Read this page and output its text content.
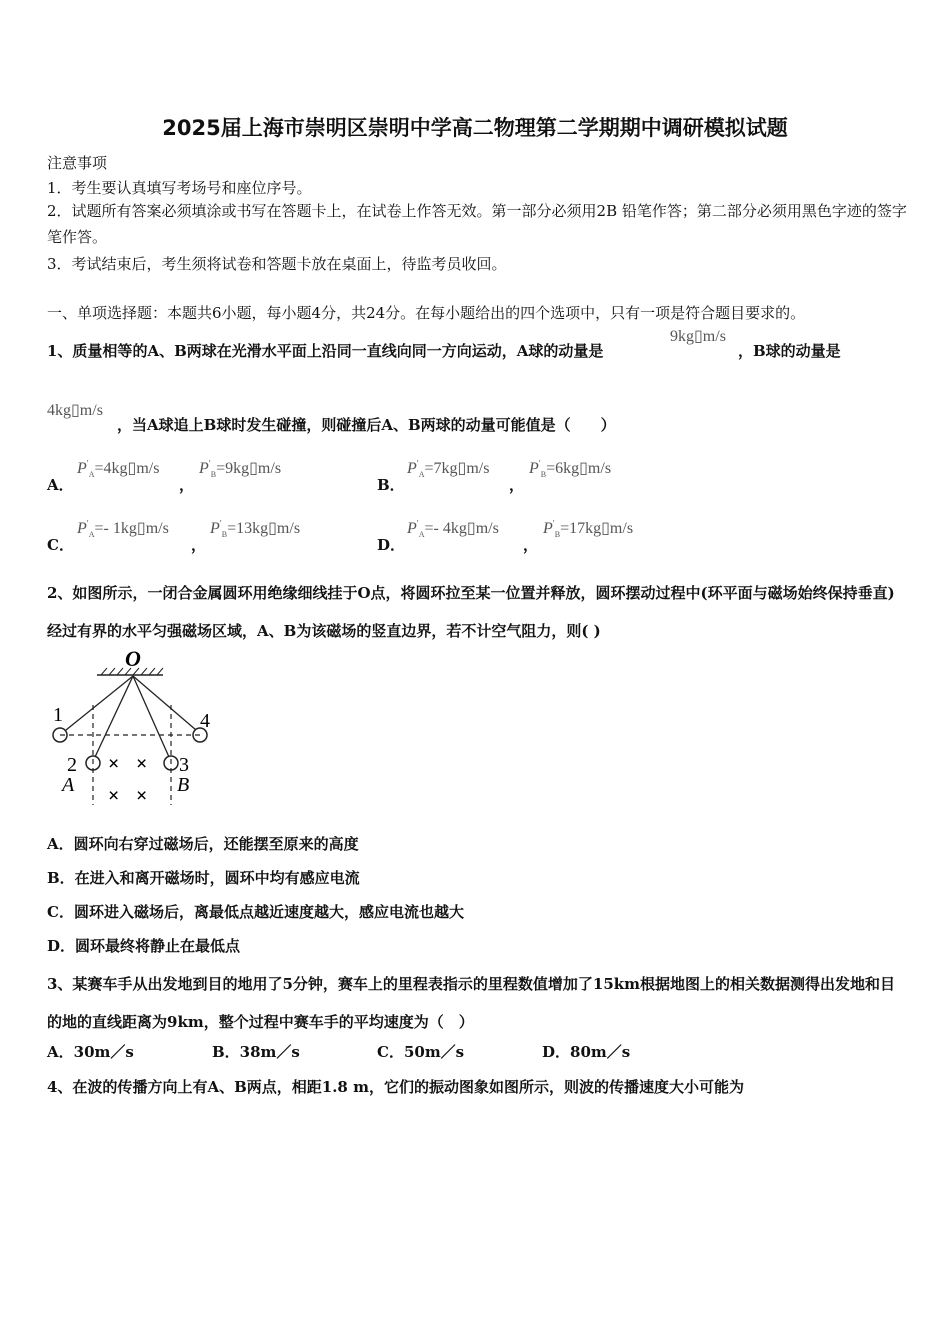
2025届上海市崇明区崇明中学高二物理第二学期期中调研模拟试题
注意事项
1．考生要认真填写考场号和座位序号。
2．试题所有答案必须填涂或书写在答题卡上，在试卷上作答无效。第一部分必须用2B 铅笔作答；第二部分必须用黑色字迹的签字笔作答。
3．考试结束后，考生须将试卷和答题卡放在桌面上，待监考员收回。
一、单项选择题：本题共6小题，每小题4分，共24分。在每小题给出的四个选项中，只有一项是符合题目要求的。
1、质量相等的A、B两球在光滑水平面上沿同一直线向同一方向运动，A球的动量是
9kg▯m/s
，B球的动量是
4kg▯m/s
，当A球追上B球时发生碰撞，则碰撞后A、B两球的动量可能值是（　　）
A．
$P'_A=4kg▯m/s$
，
$P'_B=9kg▯m/s$
B．
$P'_A=7kg▯m/s$
，
$P'_B=6kg▯m/s$
C．
$P'_A=-$ 1kg▯m/s
，
$P'_B=13kg▯m/s$
D．
$P'_A=-$ 4kg▯m/s
，
$P'_B=17kg▯m/s$
2、如图所示，一闭合金属圆环用绝缘细线挂于O点，将圆环拉至某一位置并释放，圆环摆动过程中(环平面与磁场始终保持垂直)经过有界的水平匀强磁场区域，A、B为该磁场的竖直边界，若不计空气阻力，则( )
O
1	4
2	3
A	B
× ×
× ×
A．圆环向右穿过磁场后，还能摆至原来的高度
B．在进入和离开磁场时，圆环中均有感应电流
C．圆环进入磁场后，离最低点越近速度越大，感应电流也越大
D．圆环最终将静止在最低点
3、某赛车手从出发地到目的地用了5分钟，赛车上的里程表指示的里程数值增加了15km根据地图上的相关数据测得出发地和目的地的直线距离为9km，整个过程中赛车手的平均速度为（　）
A．30m／s	B．38m／s	C．50m／s	D．80m／s
4、在波的传播方向上有A、B两点，相距1.8 m，它们的振动图象如图所示，则波的传播速度大小可能为
